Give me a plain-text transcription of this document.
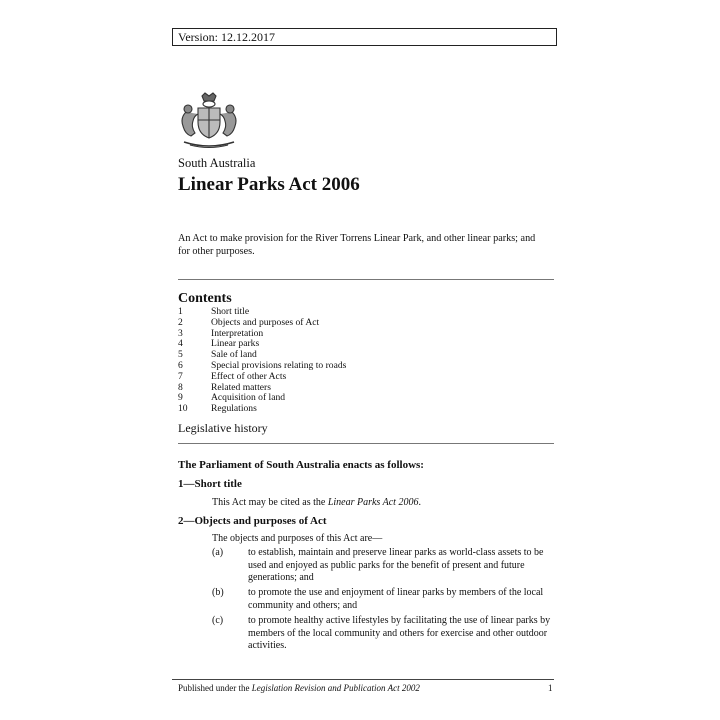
Version: 12.12.2017
South Australia
Linear Parks Act 2006
An Act to make provision for the River Torrens Linear Park, and other linear parks; and for other purposes.
Contents
1	Short title
2	Objects and purposes of Act
3	Interpretation
4	Linear parks
5	Sale of land
6	Special provisions relating to roads
7	Effect of other Acts
8	Related matters
9	Acquisition of land
10	Regulations
Legislative history
The Parliament of South Australia enacts as follows:
1—Short title
This Act may be cited as the Linear Parks Act 2006.
2—Objects and purposes of Act
The objects and purposes of this Act are—
(a)	to establish, maintain and preserve linear parks as world-class assets to be used and enjoyed as public parks for the benefit of present and future generations; and
(b)	to promote the use and enjoyment of linear parks by members of the local community and others; and
(c)	to promote healthy active lifestyles by facilitating the use of linear parks by members of the local community and others for exercise and other outdoor activities.
Published under the Legislation Revision and Publication Act 2002	1
